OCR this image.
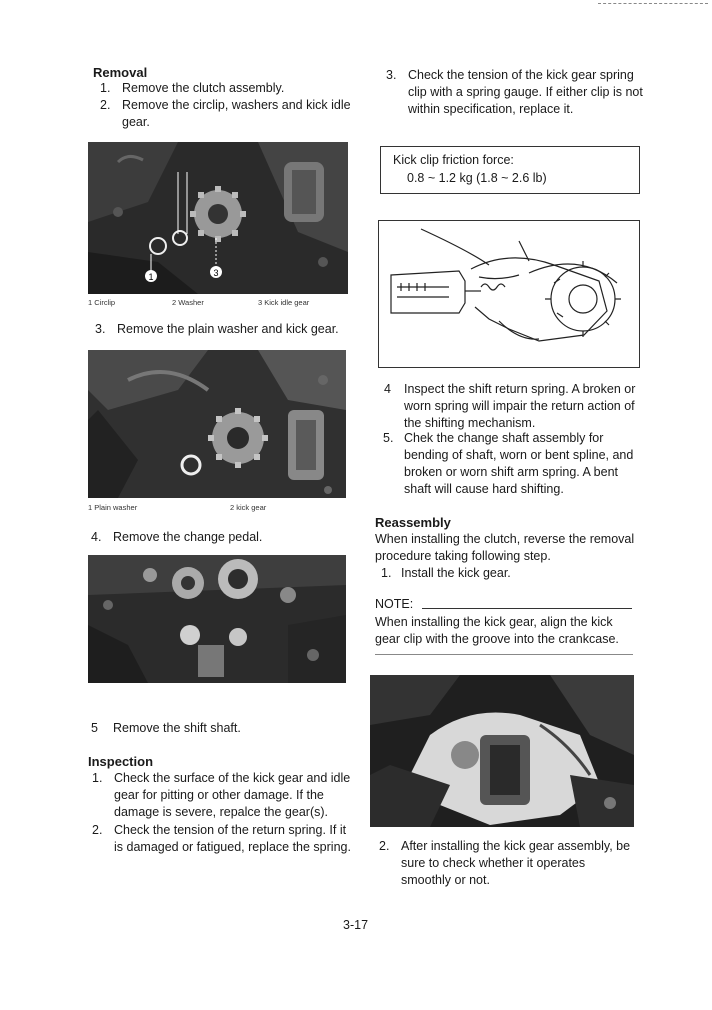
Removal
1. Remove the clutch assembly.
2. Remove the circlip, washers and kick idle gear.
1	3
1 Circlip	2 Washer	3 Kick idle gear
3. Remove the plain washer and kick gear.
1 Plain washer	2 kick gear
4. Remove the change pedal.
5 Remove the shift shaft.
Inspection
1. Check the surface of the kick gear and idle gear for pitting or other damage. If the damage is severe, repalce the gear(s).
2. Check the tension of the return spring. If it is damaged or fatigued, replace the spring.
3. Check the tension of the kick gear spring clip with a spring gauge. If either clip is not within specification, replace it.
Kick clip friction force:
0.8 ~ 1.2 kg (1.8 ~ 2.6 lb)
4 Inspect the shift return spring. A broken or worn spring will impair the return action of the shifting mechanism.
5. Chek the change shaft assembly for bending of shaft, worn or bent spline, and broken or worn shift arm spring. A bent shaft will cause hard shifting.
Reassembly
When installing the clutch, reverse the removal procedure taking following step.
1. Install the kick gear.
NOTE:
When installing the kick gear, align the kick gear clip with the groove into the crankcase.
2. After installing the kick gear assembly, be sure to check whether it operates smoothly or not.
3-17
